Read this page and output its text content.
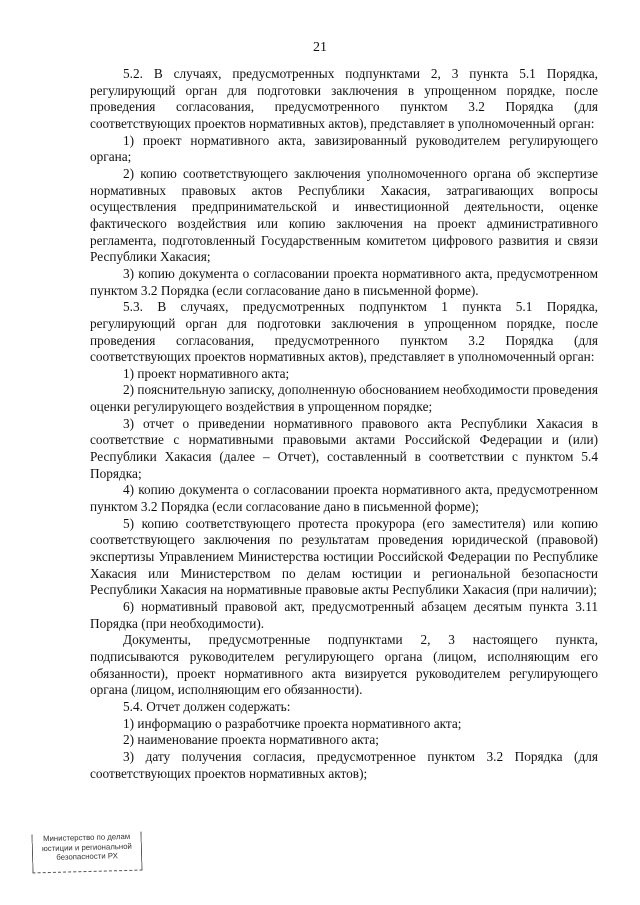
21

5.2. В случаях, предусмотренных подпунктами 2, 3 пункта 5.1 Порядка, регулирующий орган для подготовки заключения в упрощенном порядке, после проведения согласования, предусмотренного пунктом 3.2 Порядка (для соответствующих проектов нормативных актов), представляет в уполномоченный орган:

1) проект нормативного акта, завизированный руководителем регулирующего органа;

2) копию соответствующего заключения уполномоченного органа об экспертизе нормативных правовых актов Республики Хакасия, затрагивающих вопросы осуществления предпринимательской и инвестиционной деятельности, оценке фактического воздействия или копию заключения на проект административного регламента, подготовленный Государственным комитетом цифрового развития и связи Республики Хакасия;

3) копию документа о согласовании проекта нормативного акта, предусмотренном пунктом 3.2 Порядка (если согласование дано в письменной форме).

5.3. В случаях, предусмотренных подпунктом 1 пункта 5.1 Порядка, регулирующий орган для подготовки заключения в упрощенном порядке, после проведения согласования, предусмотренного пунктом 3.2 Порядка (для соответствующих проектов нормативных актов), представляет в уполномоченный орган:

1) проект нормативного акта;

2) пояснительную записку, дополненную обоснованием необходимости проведения оценки регулирующего воздействия в упрощенном порядке;

3) отчет о приведении нормативного правового акта Республики Хакасия в соответствие с нормативными правовыми актами Российской Федерации и (или) Республики Хакасия (далее – Отчет), составленный в соответствии с пунктом 5.4 Порядка;

4) копию документа о согласовании проекта нормативного акта, предусмотренном пунктом 3.2 Порядка (если согласование дано в письменной форме);

5) копию соответствующего протеста прокурора (его заместителя) или копию соответствующего заключения по результатам проведения юридической (правовой) экспертизы Управлением Министерства юстиции Российской Федерации по Республике Хакасия или Министерством по делам юстиции и региональной безопасности Республики Хакасия на нормативные правовые акты Республики Хакасия (при наличии);

6) нормативный правовой акт, предусмотренный абзацем десятым пункта 3.11 Порядка (при необходимости).

Документы, предусмотренные подпунктами 2, 3 настоящего пункта, подписываются руководителем регулирующего органа (лицом, исполняющим его обязанности), проект нормативного акта визируется руководителем регулирующего органа (лицом, исполняющим его обязанности).

5.4. Отчет должен содержать:

1) информацию о разработчике проекта нормативного акта;

2) наименование проекта нормативного акта;

3) дату получения согласия, предусмотренное пунктом 3.2 Порядка (для соответствующих проектов нормативных актов);

Министерство по делам
юстиции и региональной
безопасности РХ
